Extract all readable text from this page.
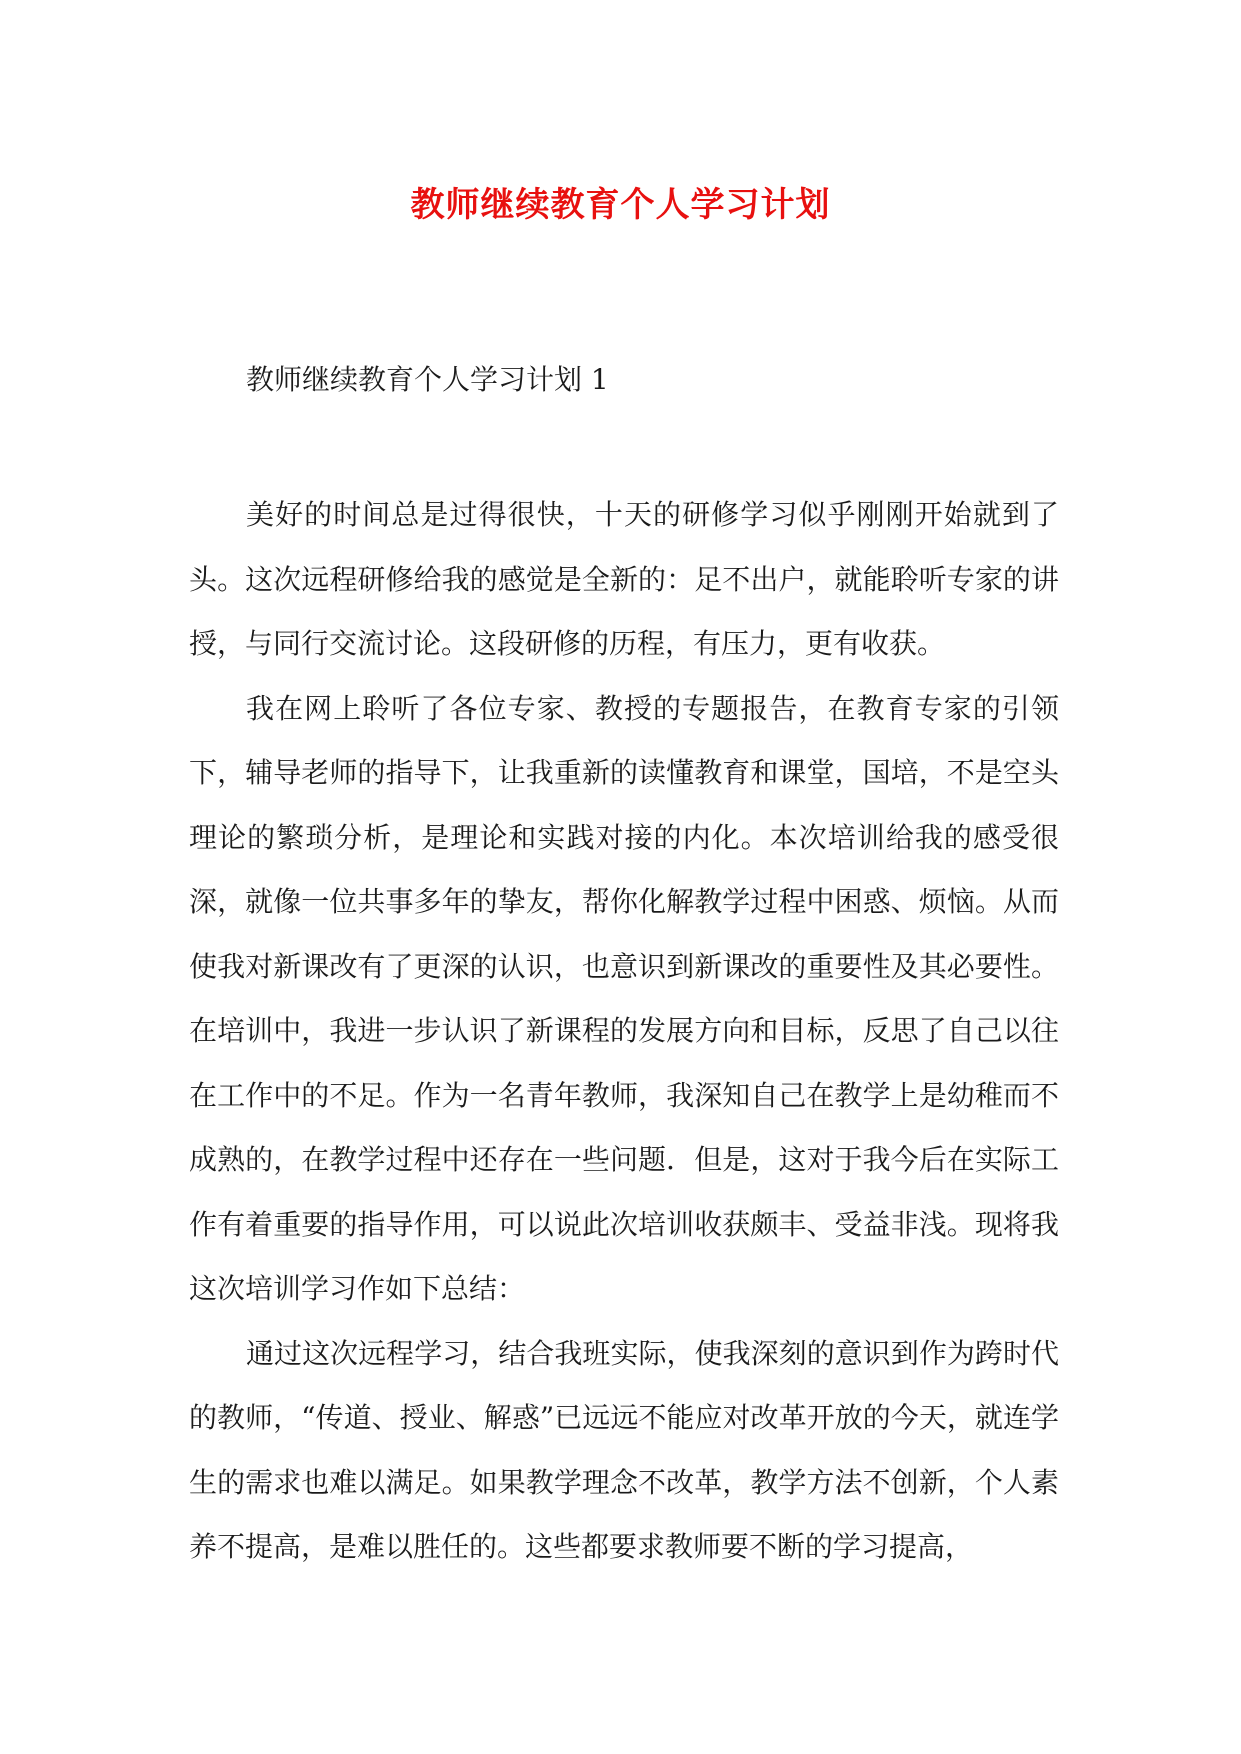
教师继续教育个人学习计划
教师继续教育个人学习计划 1

美好的时间总是过得很快，十天的研修学习似乎刚刚开始就到了头。这次远程研修给我的感觉是全新的：足不出户，就能聆听专家的讲授，与同行交流讨论。这段研修的历程，有压力，更有收获。

我在网上聆听了各位专家、教授的专题报告，在教育专家的引领下，辅导老师的指导下，让我重新的读懂教育和课堂，国培，不是空头理论的繁琐分析，是理论和实践对接的内化。本次培训给我的感受很深，就像一位共事多年的挚友，帮你化解教学过程中困惑、烦恼。从而使我对新课改有了更深的认识，也意识到新课改的重要性及其必要性。在培训中，我进一步认识了新课程的发展方向和目标，反思了自己以往在工作中的不足。作为一名青年教师，我深知自己在教学上是幼稚而不成熟的，在教学过程中还存在一些问题．但是，这对于我今后在实际工作有着重要的指导作用，可以说此次培训收获颇丰、受益非浅。现将我这次培训学习作如下总结：

通过这次远程学习，结合我班实际，使我深刻的意识到作为跨时代的教师，“传道、授业、解惑”已远远不能应对改革开放的今天，就连学生的需求也难以满足。如果教学理念不改革，教学方法不创新，个人素养不提高，是难以胜任的。这些都要求教师要不断的学习提高，
